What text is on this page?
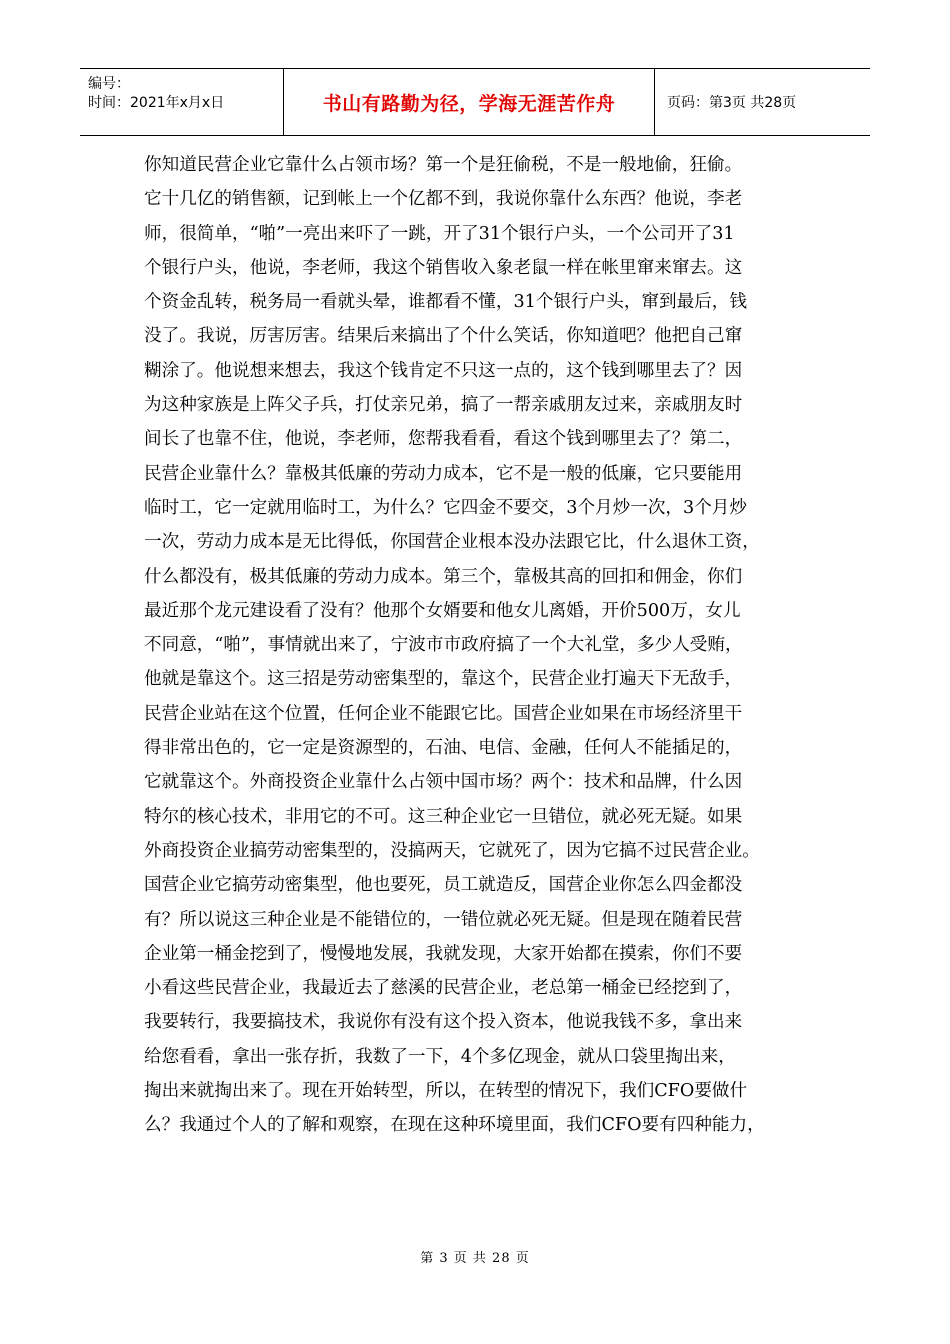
编号：
时间：2021年x月x日	书山有路勤为径，学海无涯苦作舟	页码：第3页 共28页
你知道民营企业它靠什么占领市场？第一个是狂偷税，不是一般地偷，狂偷。
它十几亿的销售额，记到帐上一个亿都不到，我说你靠什么东西？他说，李老
师，很简单，“啪”一亮出来吓了一跳，开了31个银行户头，一个公司开了31
个银行户头，他说，李老师，我这个销售收入象老鼠一样在帐里窜来窜去。这
个资金乱转，税务局一看就头晕，谁都看不懂，31个银行户头，窜到最后，钱
没了。我说，厉害厉害。结果后来搞出了个什么笑话，你知道吧？他把自己窜
糊涂了。他说想来想去，我这个钱肯定不只这一点的，这个钱到哪里去了？因
为这种家族是上阵父子兵，打仗亲兄弟，搞了一帮亲戚朋友过来，亲戚朋友时
间长了也靠不住，他说，李老师，您帮我看看，看这个钱到哪里去了？第二，
民营企业靠什么？靠极其低廉的劳动力成本，它不是一般的低廉，它只要能用
临时工，它一定就用临时工，为什么？它四金不要交，3个月炒一次，3个月炒
一次，劳动力成本是无比得低，你国营企业根本没办法跟它比，什么退休工资，
什么都没有，极其低廉的劳动力成本。第三个，靠极其高的回扣和佣金，你们
最近那个龙元建设看了没有？他那个女婿要和他女儿离婚，开价500万，女儿
不同意，“啪”，事情就出来了，宁波市市政府搞了一个大礼堂，多少人受贿，
他就是靠这个。这三招是劳动密集型的，靠这个，民营企业打遍天下无敌手，
民营企业站在这个位置，任何企业不能跟它比。国营企业如果在市场经济里干
得非常出色的，它一定是资源型的，石油、电信、金融，任何人不能插足的，
它就靠这个。外商投资企业靠什么占领中国市场？两个：技术和品牌，什么因
特尔的核心技术，非用它的不可。这三种企业它一旦错位，就必死无疑。如果
外商投资企业搞劳动密集型的，没搞两天，它就死了，因为它搞不过民营企业。
国营企业它搞劳动密集型，他也要死，员工就造反，国营企业你怎么四金都没
有？所以说这三种企业是不能错位的，一错位就必死无疑。但是现在随着民营
企业第一桶金挖到了，慢慢地发展，我就发现，大家开始都在摸索，你们不要
小看这些民营企业，我最近去了慈溪的民营企业，老总第一桶金已经挖到了，
我要转行，我要搞技术，我说你有没有这个投入资本，他说我钱不多，拿出来
给您看看，拿出一张存折，我数了一下，4个多亿现金，就从口袋里掏出来，
掏出来就掏出来了。现在开始转型，所以，在转型的情况下，我们CFO要做什
么？我通过个人的了解和观察，在现在这种环境里面，我们CFO要有四种能力，
第 3 页 共 28 页
